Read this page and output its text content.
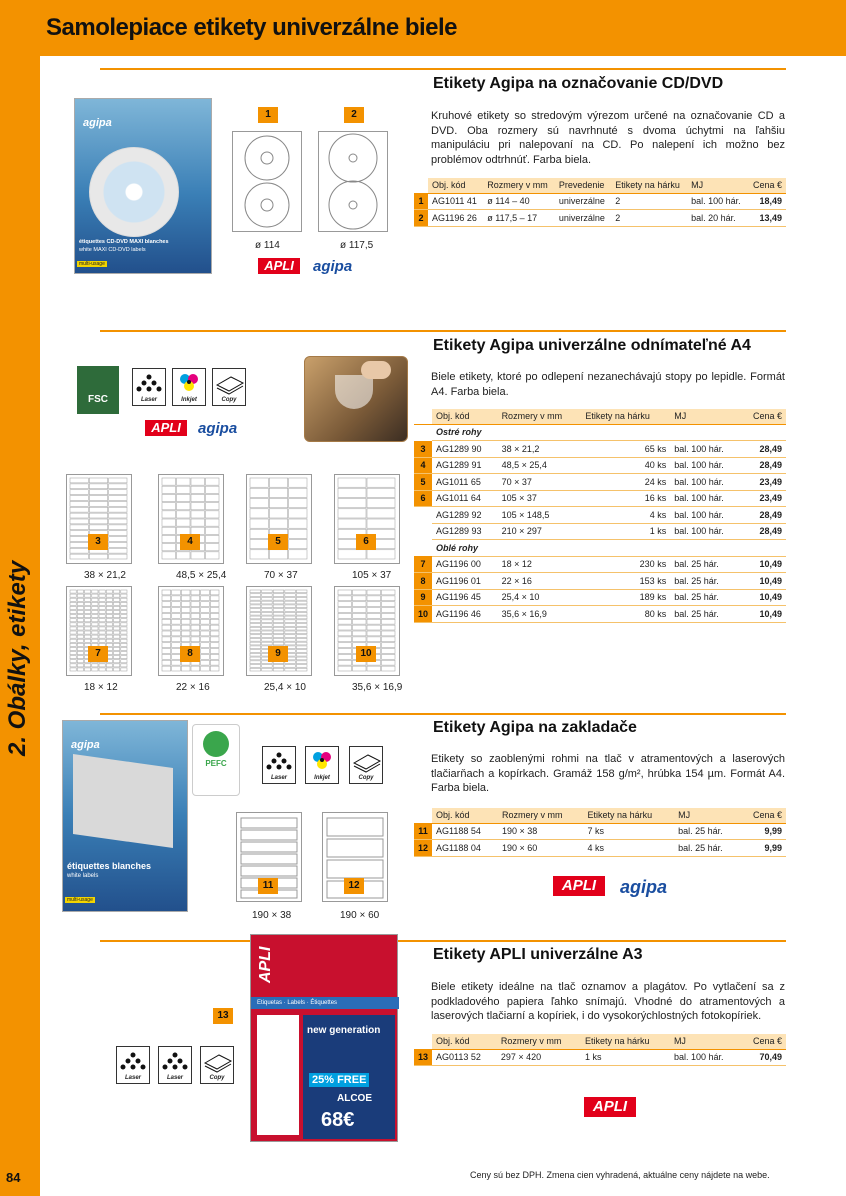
Samolepiace etikety univerzálne biele
2. Obálky, etikety
84
Etikety Agipa na označovanie CD/DVD
agipa
étiquettes CD-DVD MAXI blanches
white MAXI CD-DVD labels
multi-usage
1	2
ø 114	ø 117,5
APLI	agipa
Kruhové etikety so stredovým výrezom určené na označovanie CD a DVD. Oba rozmery sú navrhnuté s dvoma úchytmi na ľahšiu manipuláciu pri nalepovaní na CD. Po nalepení ich možno bez problémov odtrhnúť. Farba biela.
	Obj. kód	Rozmery v mm	Prevedenie	Etikety na hárku	MJ	Cena €
1	AG1011 41	ø 114 – 40	univerzálne	2	bal. 100 hár.	18,49
2	AG1196 26	ø 117,5 – 17	univerzálne	2	bal. 20 hár.	13,49
Etikety Agipa univerzálne odnímateľné A4
FSC	Laser	Inkjet	Copy
APLI	agipa
Biele etikety, ktoré po odlepení nezanechávajú stopy po lepidle. Formát A4. Farba biela.
	Obj. kód	Rozmery v mm	Etikety na hárku	MJ	Cena €
	Ostré rohy				
3	AG1289 90	38 × 21,2	65 ks	bal. 100 hár.	28,49
4	AG1289 91	48,5 × 25,4	40 ks	bal. 100 hár.	28,49
5	AG1011 65	70 × 37	24 ks	bal. 100 hár.	23,49
6	AG1011 64	105 × 37	16 ks	bal. 100 hár.	23,49
	AG1289 92	105 × 148,5	4 ks	bal. 100 hár.	28,49
	AG1289 93	210 × 297	1 ks	bal. 100 hár.	28,49
	Oblé rohy				
7	AG1196 00	18 × 12	230 ks	bal. 25 hár.	10,49
8	AG1196 01	22 × 16	153 ks	bal. 25 hár.	10,49
9	AG1196 45	25,4 × 10	189 ks	bal. 25 hár.	10,49
10	AG1196 46	35,6 × 16,9	80 ks	bal. 25 hár.	10,49
3
38 × 21,2
4
48,5 × 25,4
5
70 × 37
6
105 × 37
7
18 × 12
8
22 × 16
9
25,4 × 10
10
35,6 × 16,9
Etikety Agipa na zakladače
agipa
étiquettes blanches
white labels
multi-usage
PEFC
Laser	Inkjet	Copy
11	12
190 × 38	190 × 60
Etikety so zaoblenými rohmi na tlač v atramentových a laserových tlačiarňach a kopírkach. Gramáž 158 g/m², hrúbka 154 µm. Formát A4. Farba biela.
	Obj. kód	Rozmery v mm	Etikety na hárku	MJ	Cena €
11	AG1188 54	190 × 38	7 ks	bal. 25 hár.	9,99
12	AG1188 04	190 × 60	4 ks	bal. 25 hár.	9,99
APLI	agipa
Etikety APLI univerzálne A3
13
APLI
Etiquetas · Labels · Étiquettes
new generation
25% FREE
ALCOE
68€
Laser	Laser	Copy
Biele etikety ideálne na tlač oznamov a plagátov. Po vytlačení sa z podkladového papiera ľahko snímajú. Vhodné do atramentových a laserových tlačiarní a kopíriek, i do vysokorýchlostných fotokopíriek.
	Obj. kód	Rozmery v mm	Etikety na hárku	MJ	Cena €
13	AG0113 52	297 × 420	1 ks	bal. 100 hár.	70,49
APLI
Ceny sú bez DPH. Zmena cien vyhradená, aktuálne ceny nájdete na webe.
